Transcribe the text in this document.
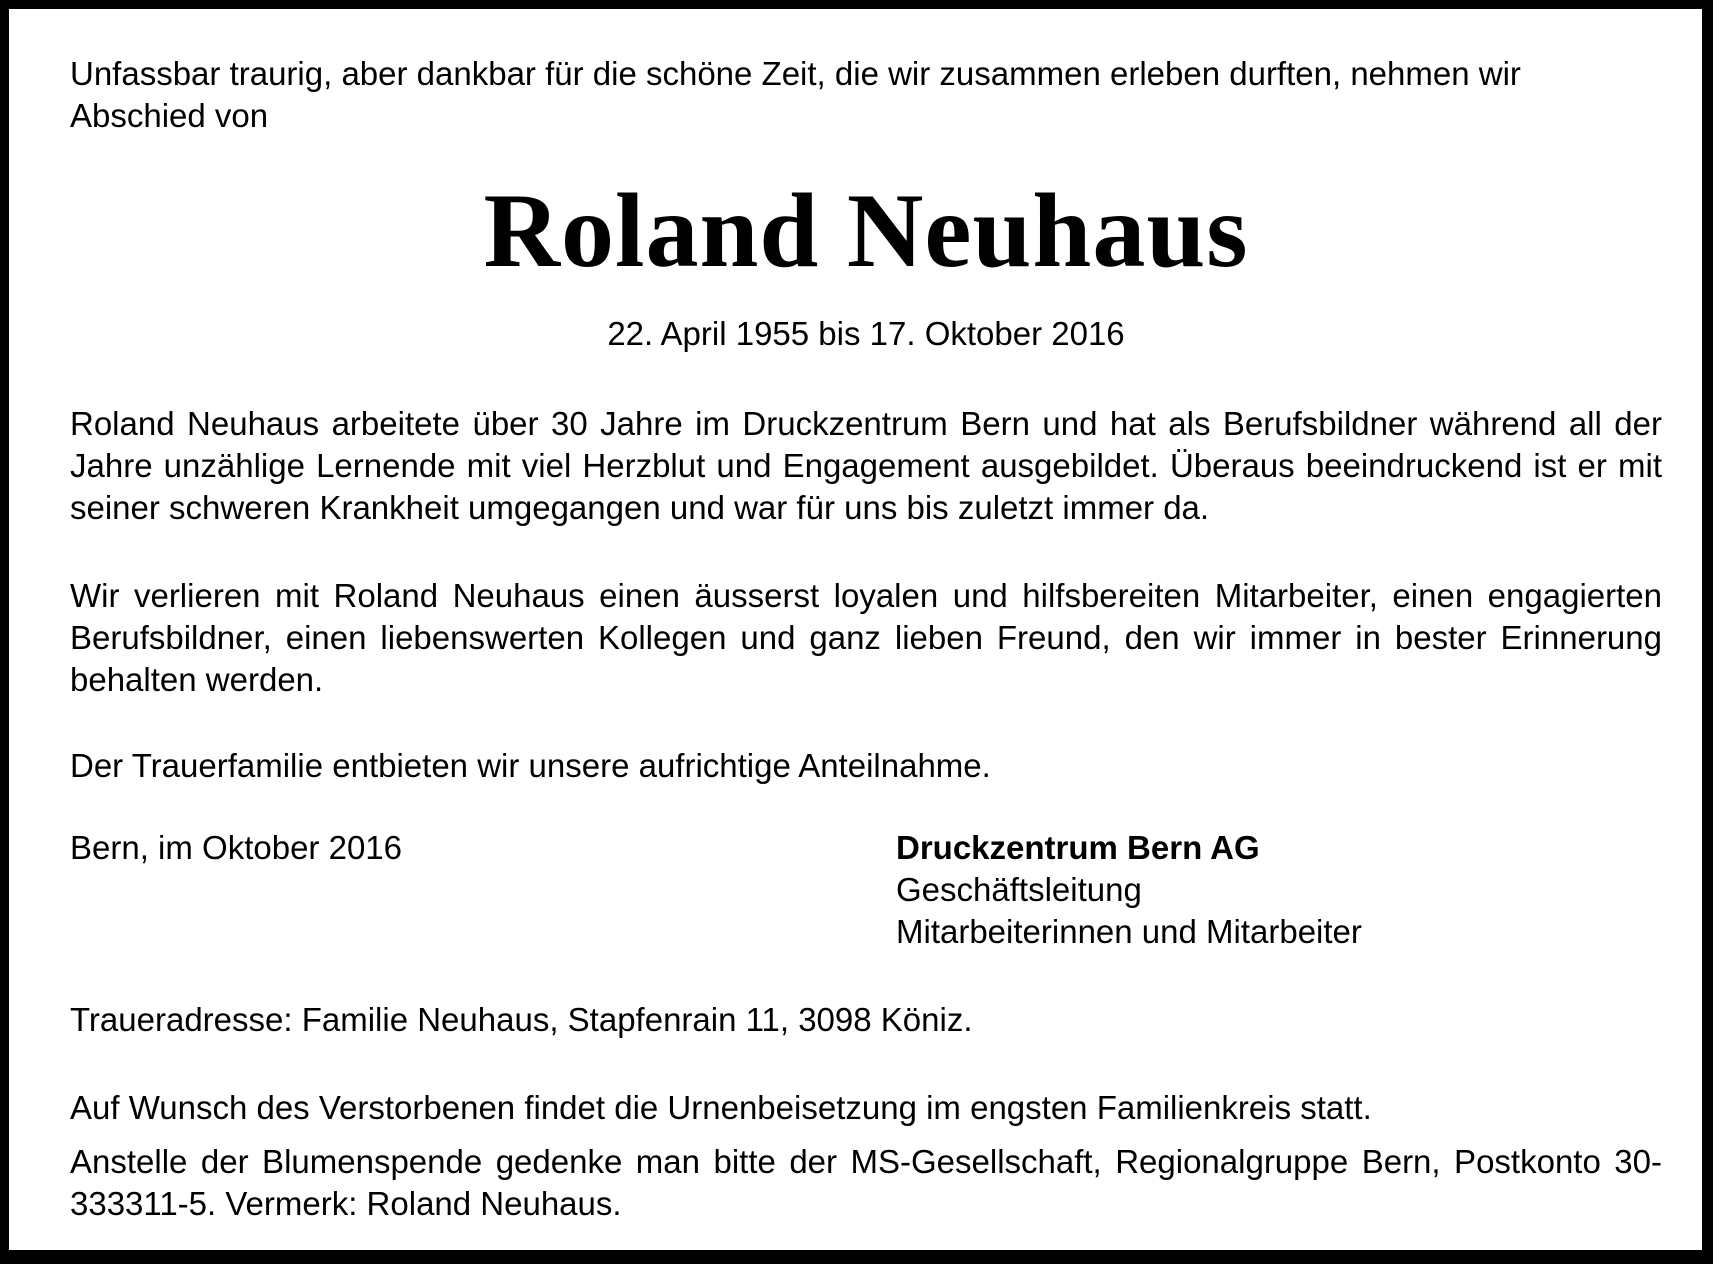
Unfassbar traurig, aber dankbar für die schöne Zeit, die wir zusammen erleben durften, nehmen wir Abschied von

Roland Neuhaus

22. April 1955 bis 17. Oktober 2016

Roland Neuhaus arbeitete über 30 Jahre im Druckzentrum Bern und hat als Berufsbildner während all der Jahre unzählige Lernende mit viel Herzblut und Engagement ausgebildet. Überaus beeindruckend ist er mit seiner schweren Krankheit umgegangen und war für uns bis zuletzt immer da.

Wir verlieren mit Roland Neuhaus einen äusserst loyalen und hilfsbereiten Mitarbeiter, einen engagierten Berufsbildner, einen liebenswerten Kollegen und ganz lieben Freund, den wir immer in bester Erinnerung behalten werden.

Der Trauerfamilie entbieten wir unsere aufrichtige Anteilnahme.

Bern, im Oktober 2016	Druckzentrum Bern AG
Geschäftsleitung
Mitarbeiterinnen und Mitarbeiter

Traueradresse: Familie Neuhaus, Stapfenrain 11, 3098 Köniz.

Auf Wunsch des Verstorbenen findet die Urnenbeisetzung im engsten Familienkreis statt.

Anstelle der Blumenspende gedenke man bitte der MS-Gesellschaft, Regionalgruppe Bern, Postkonto 30-333311-5. Vermerk: Roland Neuhaus.
